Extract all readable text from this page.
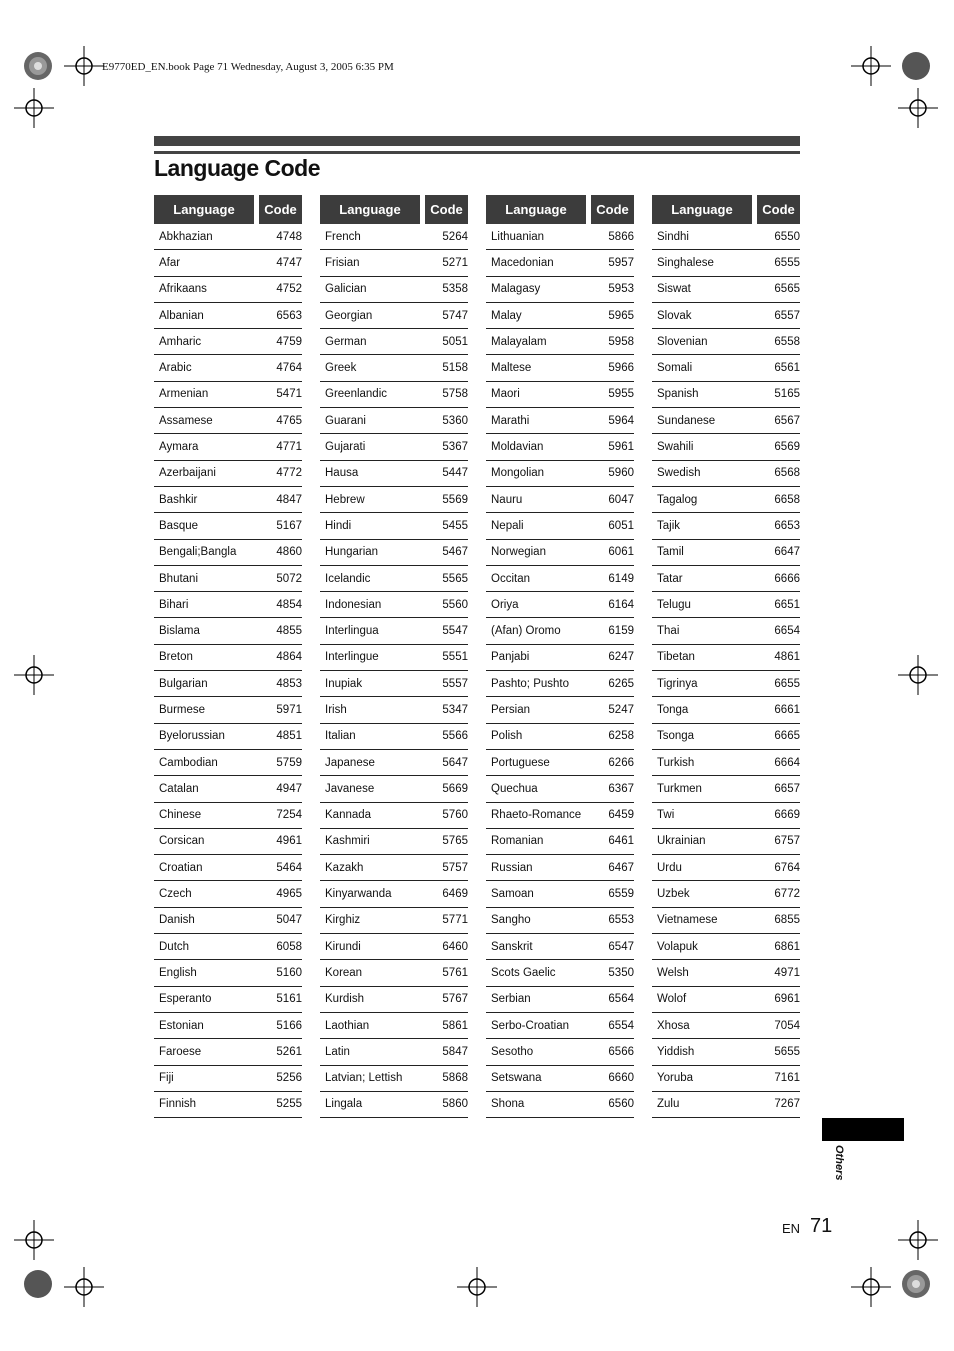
E9770ED_EN.book Page 71 Wednesday, August 3, 2005 6:35 PM
Language Code
Language	Code
Abkhazian	4748
Afar	4747
Afrikaans	4752
Albanian	6563
Amharic	4759
Arabic	4764
Armenian	5471
Assamese	4765
Aymara	4771
Azerbaijani	4772
Bashkir	4847
Basque	5167
Bengali;Bangla	4860
Bhutani	5072
Bihari	4854
Bislama	4855
Breton	4864
Bulgarian	4853
Burmese	5971
Byelorussian	4851
Cambodian	5759
Catalan	4947
Chinese	7254
Corsican	4961
Croatian	5464
Czech	4965
Danish	5047
Dutch	6058
English	5160
Esperanto	5161
Estonian	5166
Faroese	5261
Fiji	5256
Finnish	5255
Language	Code
French	5264
Frisian	5271
Galician	5358
Georgian	5747
German	5051
Greek	5158
Greenlandic	5758
Guarani	5360
Gujarati	5367
Hausa	5447
Hebrew	5569
Hindi	5455
Hungarian	5467
Icelandic	5565
Indonesian	5560
Interlingua	5547
Interlingue	5551
Inupiak	5557
Irish	5347
Italian	5566
Japanese	5647
Javanese	5669
Kannada	5760
Kashmiri	5765
Kazakh	5757
Kinyarwanda	6469
Kirghiz	5771
Kirundi	6460
Korean	5761
Kurdish	5767
Laothian	5861
Latin	5847
Latvian; Lettish	5868
Lingala	5860
Language	Code
Lithuanian	5866
Macedonian	5957
Malagasy	5953
Malay	5965
Malayalam	5958
Maltese	5966
Maori	5955
Marathi	5964
Moldavian	5961
Mongolian	5960
Nauru	6047
Nepali	6051
Norwegian	6061
Occitan	6149
Oriya	6164
(Afan) Oromo	6159
Panjabi	6247
Pashto; Pushto	6265
Persian	5247
Polish	6258
Portuguese	6266
Quechua	6367
Rhaeto-Romance	6459
Romanian	6461
Russian	6467
Samoan	6559
Sangho	6553
Sanskrit	6547
Scots Gaelic	5350
Serbian	6564
Serbo-Croatian	6554
Sesotho	6566
Setswana	6660
Shona	6560
Language	Code
Sindhi	6550
Singhalese	6555
Siswat	6565
Slovak	6557
Slovenian	6558
Somali	6561
Spanish	5165
Sundanese	6567
Swahili	6569
Swedish	6568
Tagalog	6658
Tajik	6653
Tamil	6647
Tatar	6666
Telugu	6651
Thai	6654
Tibetan	4861
Tigrinya	6655
Tonga	6661
Tsonga	6665
Turkish	6664
Turkmen	6657
Twi	6669
Ukrainian	6757
Urdu	6764
Uzbek	6772
Vietnamese	6855
Volapuk	6861
Welsh	4971
Wolof	6961
Xhosa	7054
Yiddish	5655
Yoruba	7161
Zulu	7267
Others
EN 71
